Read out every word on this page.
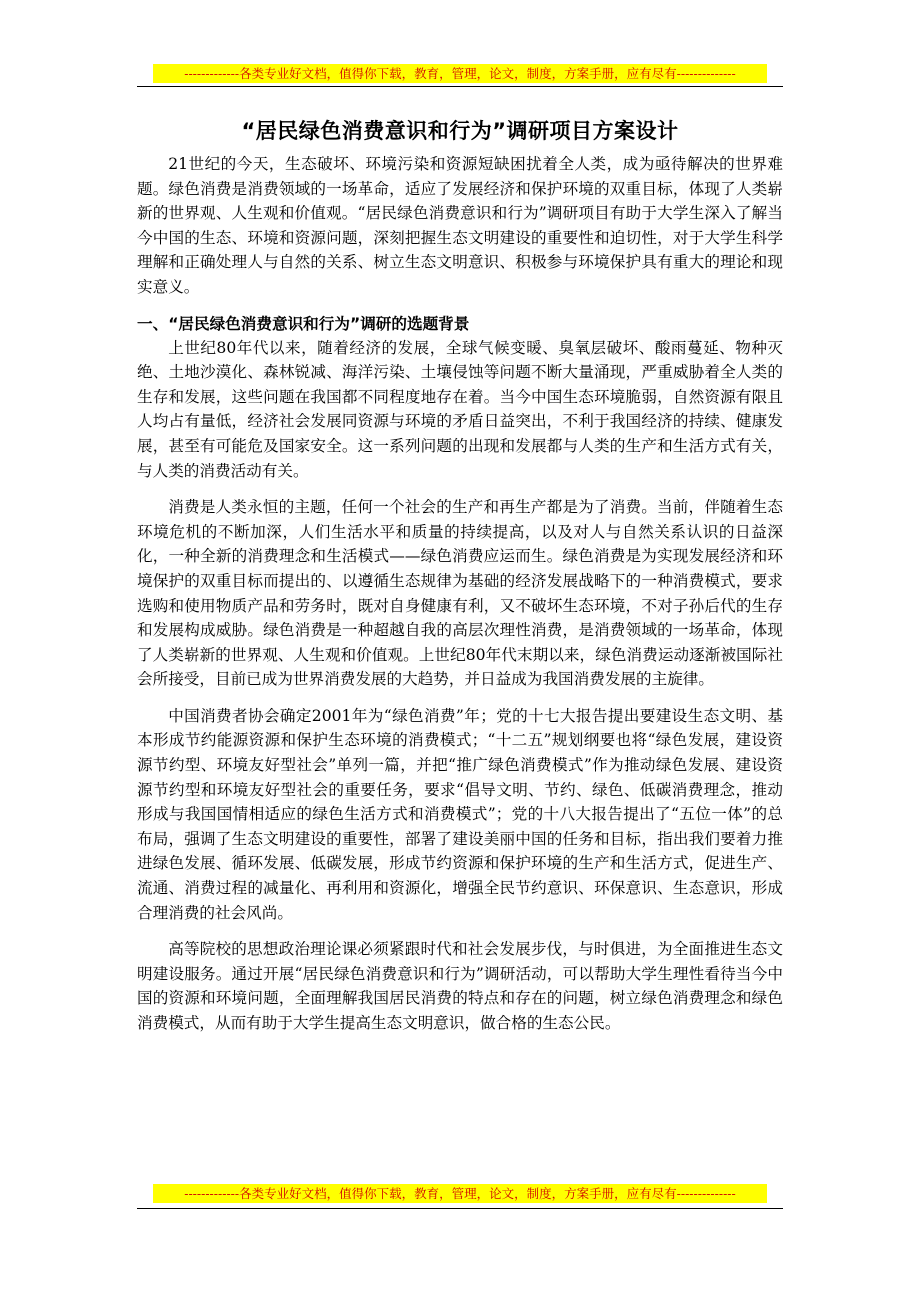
-------------各类专业好文档，值得你下载，教育，管理，论文，制度，方案手册，应有尽有--------------
“居民绿色消费意识和行为”调研项目方案设计

21世纪的今天，生态破坏、环境污染和资源短缺困扰着全人类，成为亟待解决的世界难题。绿色消费是消费领域的一场革命，适应了发展经济和保护环境的双重目标，体现了人类崭新的世界观、人生观和价值观。“居民绿色消费意识和行为”调研项目有助于大学生深入了解当今中国的生态、环境和资源问题，深刻把握生态文明建设的重要性和迫切性，对于大学生科学理解和正确处理人与自然的关系、树立生态文明意识、积极参与环境保护具有重大的理论和现实意义。

一、“居民绿色消费意识和行为”调研的选题背景

上世纪80年代以来，随着经济的发展，全球气候变暖、臭氧层破坏、酸雨蔓延、物种灭绝、土地沙漠化、森林锐减、海洋污染、土壤侵蚀等问题不断大量涌现，严重威胁着全人类的生存和发展，这些问题在我国都不同程度地存在着。当今中国生态环境脆弱，自然资源有限且人均占有量低，经济社会发展同资源与环境的矛盾日益突出，不利于我国经济的持续、健康发展，甚至有可能危及国家安全。这一系列问题的出现和发展都与人类的生产和生活方式有关，与人类的消费活动有关。

消费是人类永恒的主题，任何一个社会的生产和再生产都是为了消费。当前，伴随着生态环境危机的不断加深，人们生活水平和质量的持续提高，以及对人与自然关系认识的日益深化，一种全新的消费理念和生活模式——绿色消费应运而生。绿色消费是为实现发展经济和环境保护的双重目标而提出的、以遵循生态规律为基础的经济发展战略下的一种消费模式，要求选购和使用物质产品和劳务时，既对自身健康有利，又不破坏生态环境，不对子孙后代的生存和发展构成威胁。绿色消费是一种超越自我的高层次理性消费，是消费领域的一场革命，体现了人类崭新的世界观、人生观和价值观。上世纪80年代末期以来，绿色消费运动逐渐被国际社会所接受，目前已成为世界消费发展的大趋势，并日益成为我国消费发展的主旋律。

中国消费者协会确定2001年为“绿色消费”年；党的十七大报告提出要建设生态文明、基本形成节约能源资源和保护生态环境的消费模式；“十二五”规划纲要也将“绿色发展，建设资源节约型、环境友好型社会”单列一篇，并把“推广绿色消费模式”作为推动绿色发展、建设资源节约型和环境友好型社会的重要任务，要求“倡导文明、节约、绿色、低碳消费理念，推动形成与我国国情相适应的绿色生活方式和消费模式”；党的十八大报告提出了“五位一体”的总布局，强调了生态文明建设的重要性，部署了建设美丽中国的任务和目标，指出我们要着力推进绿色发展、循环发展、低碳发展，形成节约资源和保护环境的生产和生活方式，促进生产、流通、消费过程的减量化、再利用和资源化，增强全民节约意识、环保意识、生态意识，形成合理消费的社会风尚。

高等院校的思想政治理论课必须紧跟时代和社会发展步伐，与时俱进，为全面推进生态文明建设服务。通过开展“居民绿色消费意识和行为”调研活动，可以帮助大学生理性看待当今中国的资源和环境问题，全面理解我国居民消费的特点和存在的问题，树立绿色消费理念和绿色消费模式，从而有助于大学生提高生态文明意识，做合格的生态公民。

-------------各类专业好文档，值得你下载，教育，管理，论文，制度，方案手册，应有尽有--------------
